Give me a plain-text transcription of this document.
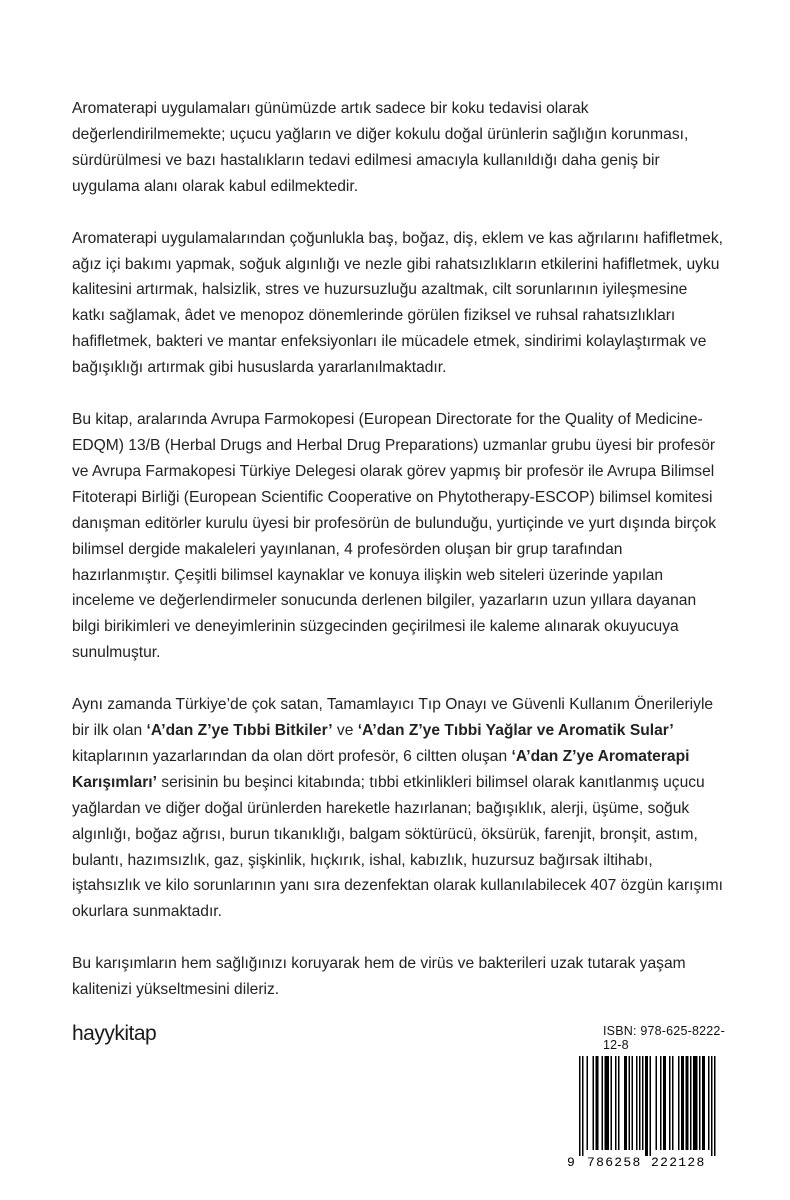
Aromaterapi uygulamaları günümüzde artık sadece bir koku tedavisi olarak değerlendirilmemekte; uçucu yağların ve diğer kokulu doğal ürünlerin sağlığın korunması, sürdürülmesi ve bazı hastalıkların tedavi edilmesi amacıyla kullanıldığı daha geniş bir uygulama alanı olarak kabul edilmektedir.

Aromaterapi uygulamalarından çoğunlukla baş, boğaz, diş, eklem ve kas ağrılarını hafifletmek, ağız içi bakımı yapmak, soğuk algınlığı ve nezle gibi rahatsızlıkların etkilerini hafifletmek, uyku kalitesini artırmak, halsizlik, stres ve huzursuzluğu azaltmak, cilt sorunlarının iyileşmesine katkı sağlamak, âdet ve menopoz dönemlerinde görülen fiziksel ve ruhsal rahatsızlıkları hafifletmek, bakteri ve mantar enfeksiyonları ile mücadele etmek, sindirimi kolaylaştırmak ve bağışıklığı artırmak gibi hususlarda yararlanılmaktadır.

Bu kitap, aralarında Avrupa Farmokopesi (European Directorate for the Quality of Medicine-EDQM) 13/B (Herbal Drugs and Herbal Drug Preparations) uzmanlar grubu üyesi bir profesör ve Avrupa Farmakopesi Türkiye Delegesi olarak görev yapmış bir profesör ile Avrupa Bilimsel Fitoterapi Birliği (European Scientific Cooperative on Phytotherapy-ESCOP) bilimsel komitesi danışman editörler kurulu üyesi bir profesörün de bulunduğu, yurtiçinde ve yurt dışında birçok bilimsel dergide makaleleri yayınlanan, 4 profesörden oluşan bir grup tarafından hazırlanmıştır. Çeşitli bilimsel kaynaklar ve konuya ilişkin web siteleri üzerinde yapılan inceleme ve değerlendirmeler sonucunda derlenen bilgiler, yazarların uzun yıllara dayanan bilgi birikimleri ve deneyimlerinin süzgecinden geçirilmesi ile kaleme alınarak okuyucuya sunulmuştur.

Aynı zamanda Türkiye’de çok satan, Tamamlayıcı Tıp Onayı ve Güvenli Kullanım Önerileriyle bir ilk olan ‘A’dan Z’ye Tıbbi Bitkiler’ ve ‘A’dan Z’ye Tıbbi Yağlar ve Aromatik Sular’ kitaplarının yazarlarından da olan dört profesör, 6 ciltten oluşan ‘A’dan Z’ye Aromaterapi Karışımları’ serisinin bu beşinci kitabında; tıbbi etkinlikleri bilimsel olarak kanıtlanmış uçucu yağlardan ve diğer doğal ürünlerden hareketle hazırlanan; bağışıklık, alerji, üşüme, soğuk algınlığı, boğaz ağrısı, burun tıkanıklığı, balgam söktürücü, öksürük, farenjit, bronşit, astım, bulantı, hazımsızlık, gaz, şişkinlik, hıçkırık, ishal, kabızlık, huzursuz bağırsak iltihabı, iştahsızlık ve kilo sorunlarının yanı sıra dezenfektan olarak kullanılabilecek 407 özgün karışımı okurlara sunmaktadır.

Bu karışımların hem sağlığınızı koruyarak hem de virüs ve bakterileri uzak tutarak yaşam kalitenizi yükseltmesini dileriz.

hayykitap	ISBN: 978-625-8222-12-8
9 786258 222128
